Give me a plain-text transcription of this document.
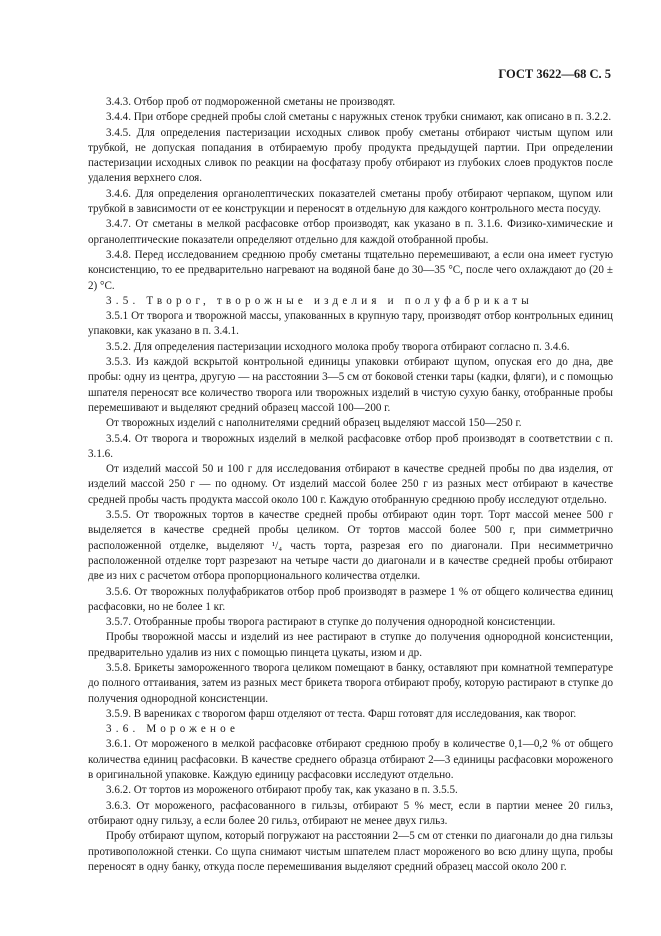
ГОСТ 3622—68 С. 5

3.4.3. Отбор проб от подмороженной сметаны не производят.

3.4.4. При отборе средней пробы слой сметаны с наружных стенок трубки снимают, как описано в п. 3.2.2.

3.4.5. Для определения пастеризации исходных сливок пробу сметаны отбирают чистым щупом или трубкой, не допуская попадания в отбираемую пробу продукта предыдущей партии. При определении пастеризации исходных сливок по реакции на фосфатазу пробу отбирают из глубоких слоев продуктов после удаления верхнего слоя.

3.4.6. Для определения органолептических показателей сметаны пробу отбирают черпаком, щупом или трубкой в зависимости от ее конструкции и переносят в отдельную для каждого контрольного места посуду.

3.4.7. От сметаны в мелкой расфасовке отбор производят, как указано в п. 3.1.6. Физико-химические и органолептические показатели определяют отдельно для каждой отобранной пробы.

3.4.8. Перед исследованием среднюю пробу сметаны тщательно перемешивают, а если она имеет густую консистенцию, то ее предварительно нагревают на водяной бане до 30—35 °С, после чего охлаждают до (20 ± 2) °С.

3.5. Творог, творожные изделия и полуфабрикаты

3.5.1 От творога и творожной массы, упакованных в крупную тару, производят отбор контрольных единиц упаковки, как указано в п. 3.4.1.

3.5.2. Для определения пастеризации исходного молока пробу творога отбирают согласно п. 3.4.6.

3.5.3. Из каждой вскрытой контрольной единицы упаковки отбирают щупом, опуская его до дна, две пробы: одну из центра, другую — на расстоянии 3—5 см от боковой стенки тары (кадки, фляги), и с помощью шпателя переносят все количество творога или творожных изделий в чистую сухую банку, отобранные пробы перемешивают и выделяют средний образец массой 100—200 г.

От творожных изделий с наполнителями средний образец выделяют массой 150—250 г.

3.5.4. От творога и творожных изделий в мелкой расфасовке отбор проб производят в соответствии с п. 3.1.6.

От изделий массой 50 и 100 г для исследования отбирают в качестве средней пробы по два изделия, от изделий массой 250 г — по одному. От изделий массой более 250 г из разных мест отбирают в качестве средней пробы часть продукта массой около 100 г. Каждую отобранную среднюю пробу исследуют отдельно.

3.5.5. От творожных тортов в качестве средней пробы отбирают один торт. Торт массой менее 500 г выделяется в качестве средней пробы целиком. От тортов массой более 500 г, при симметрично расположенной отделке, выделяют ¹/₄ часть торта, разрезая его по диагонали. При несимметрично расположенной отделке торт разрезают на четыре части до диагонали и в качестве средней пробы отбирают две из них с расчетом отбора пропорционального количества отделки.

3.5.6. От творожных полуфабрикатов отбор проб производят в размере 1 % от общего количества единиц расфасовки, но не более 1 кг.

3.5.7. Отобранные пробы творога растирают в ступке до получения однородной консистенции.

Пробы творожной массы и изделий из нее растирают в ступке до получения однородной консистенции, предварительно удалив из них с помощью пинцета цукаты, изюм и др.

3.5.8. Брикеты замороженного творога целиком помещают в банку, оставляют при комнатной температуре до полного оттаивания, затем из разных мест брикета творога отбирают пробу, которую растирают в ступке до получения однородной консистенции.

3.5.9. В варениках с творогом фарш отделяют от теста. Фарш готовят для исследования, как творог.

3.6. Мороженое

3.6.1. От мороженого в мелкой расфасовке отбирают среднюю пробу в количестве 0,1—0,2 % от общего количества единиц расфасовки. В качестве среднего образца отбирают 2—3 единицы расфасовки мороженого в оригинальной упаковке. Каждую единицу расфасовки исследуют отдельно.

3.6.2. От тортов из мороженого отбирают пробу так, как указано в п. 3.5.5.

3.6.3. От мороженого, расфасованного в гильзы, отбирают 5 % мест, если в партии менее 20 гильз, отбирают одну гильзу, а если более 20 гильз, отбирают не менее двух гильз.

Пробу отбирают щупом, который погружают на расстоянии 2—5 см от стенки по диагонали до дна гильзы противоположной стенки. Со щупа снимают чистым шпателем пласт мороженого во всю длину щупа, пробы переносят в одну банку, откуда после перемешивания выделяют средний образец массой около 200 г.
